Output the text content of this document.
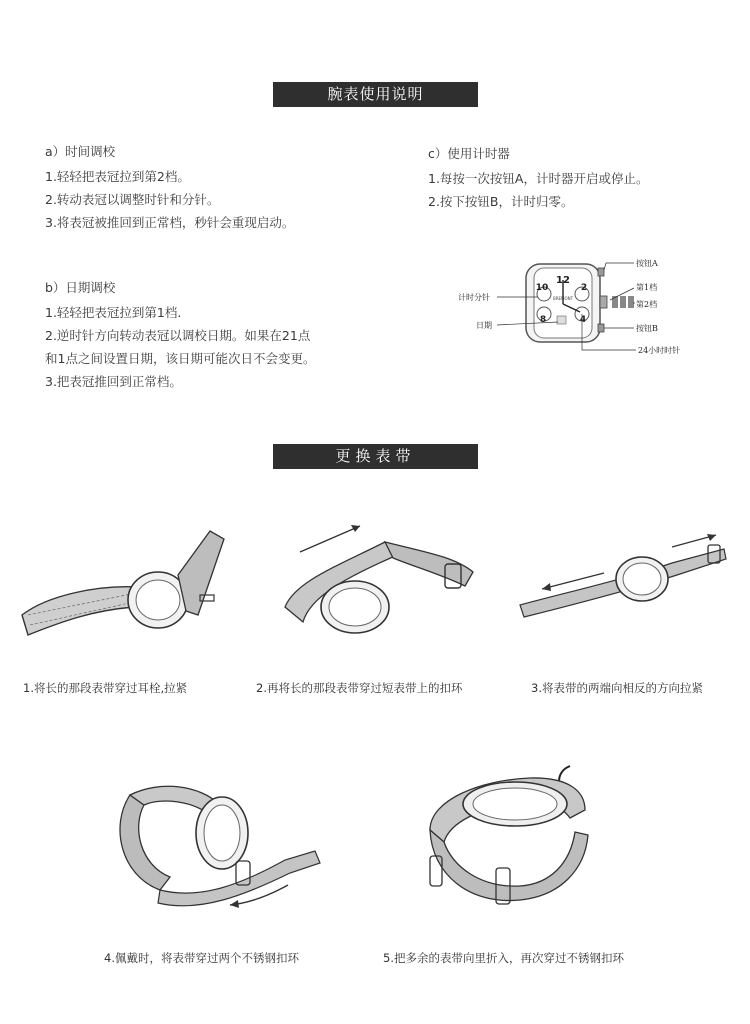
腕表使用说明
a）时间调校
1.轻轻把表冠拉到第2档。
2.转动表冠以调整时针和分针。
3.将表冠被推回到正常档，秒针会重现启动。
b）日期调校
1.轻轻把表冠拉到第1档.
2.逆时针方向转动表冠以调校日期。如果在21点
和1点之间设置日期，该日期可能次日不会变更。
3.把表冠推回到正常档。
c）使用计时器
1.每按一次按钮A，计时器开启或停止。
2.按下按钮B，计时归零。
12
10	2
8	4
BREMONT
按钮A
第1档
第2档
按钮B
24小时时针
计时分针
日期
更换表带
1.将长的那段表带穿过耳栓,拉紧	2.再将长的那段表带穿过短表带上的扣环	3.将表带的两端向相反的方向拉紧
4.佩戴时，将表带穿过两个不锈钢扣环	5.把多余的表带向里折入，再次穿过不锈钢扣环
